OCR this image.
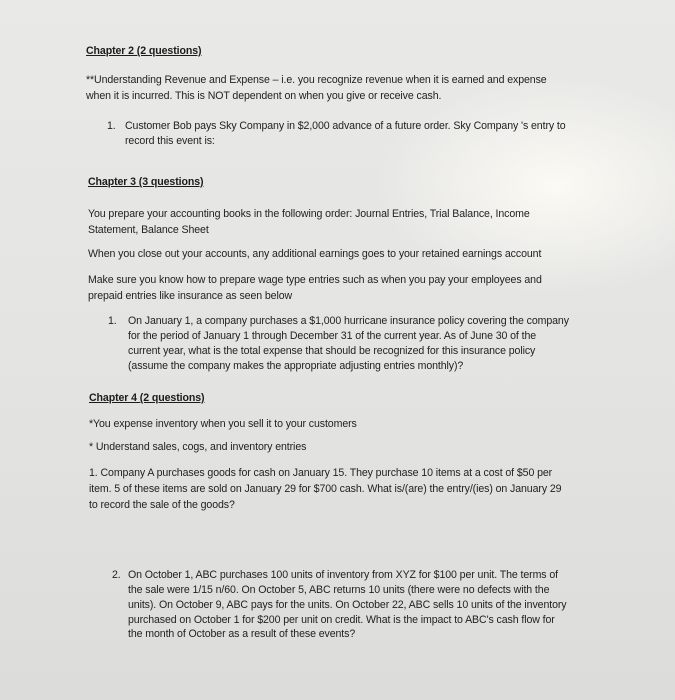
Chapter 2 (2 questions)
**Understanding Revenue and Expense – i.e. you recognize revenue when it is earned and expense
when it is incurred. This is NOT dependent on when you give or receive cash.
1. Customer Bob pays Sky Company in $2,000 advance of a future order. Sky Company 's entry to
record this event is:
Chapter 3 (3 questions)
You prepare your accounting books in the following order: Journal Entries, Trial Balance, Income
Statement, Balance Sheet
When you close out your accounts, any additional earnings goes to your retained earnings account
Make sure you know how to prepare wage type entries such as when you pay your employees and
prepaid entries like insurance as seen below
1. On January 1, a company purchases a $1,000 hurricane insurance policy covering the company
for the period of January 1 through December 31 of the current year. As of June 30 of the
current year, what is the total expense that should be recognized for this insurance policy
(assume the company makes the appropriate adjusting entries monthly)?
Chapter 4 (2 questions)
*You expense inventory when you sell it to your customers
* Understand sales, cogs, and inventory entries
1. Company A purchases goods for cash on January 15. They purchase 10 items at a cost of $50 per
item. 5 of these items are sold on January 29 for $700 cash. What is/(are) the entry/(ies) on January 29
to record the sale of the goods?
2. On October 1, ABC purchases 100 units of inventory from XYZ for $100 per unit. The terms of
the sale were 1/15 n/60. On October 5, ABC returns 10 units (there were no defects with the
units). On October 9, ABC pays for the units. On October 22, ABC sells 10 units of the inventory
purchased on October 1 for $200 per unit on credit. What is the impact to ABC's cash flow for
the month of October as a result of these events?
